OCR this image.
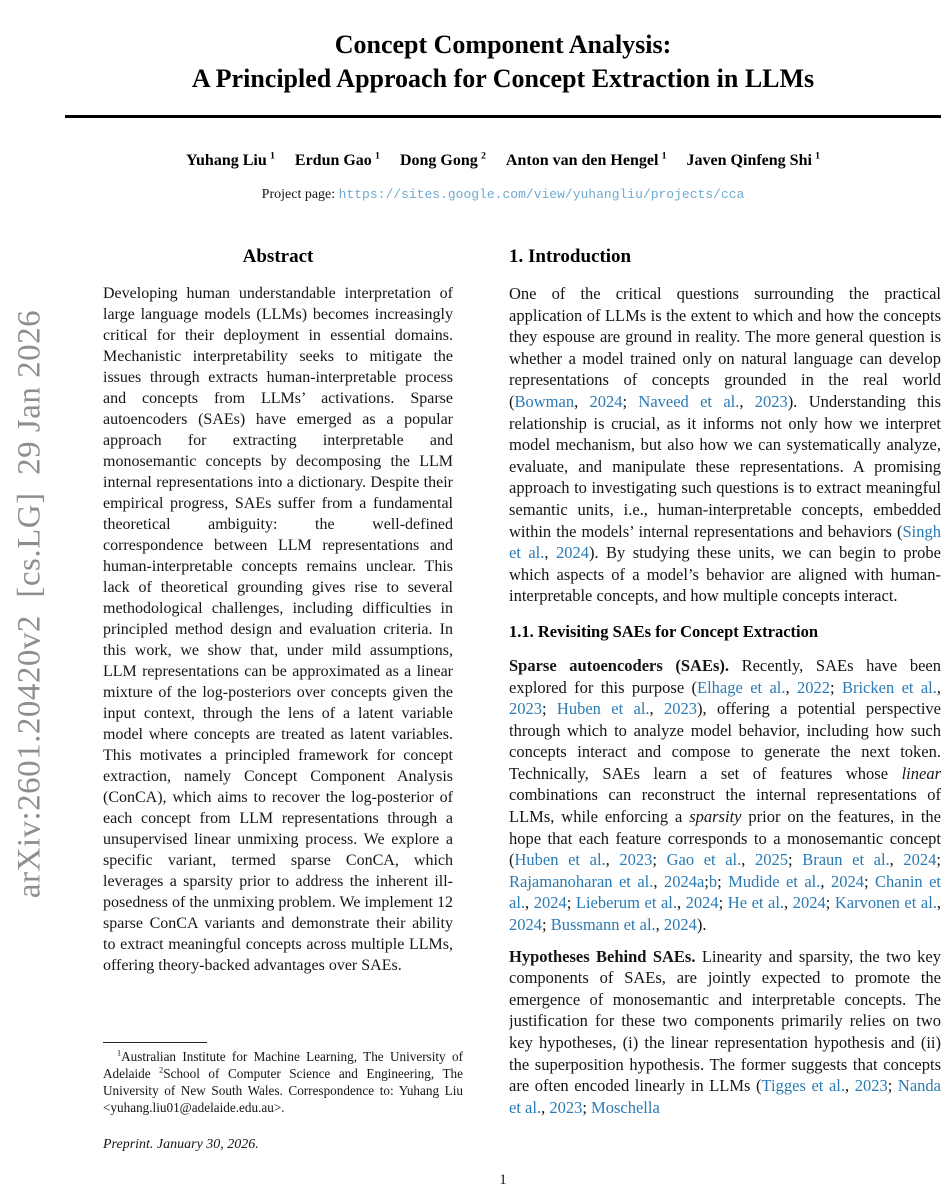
arXiv:2601.20420v2  [cs.LG]  29 Jan 2026
Concept Component Analysis:
A Principled Approach for Concept Extraction in LLMs
Yuhang Liu  $^1$ Erdun Gao  $^1$ Dong Gong  $^2$ Anton van den Hengel  $^1$ Javen Qinfeng Shi  $^1$
Project page: https://sites.google.com/view/yuhangliu/projects/cca
Abstract
Developing human understandable interpretation of large language models (LLMs) becomes increasingly critical for their deployment in essential domains. Mechanistic interpretability seeks to mitigate the issues through extracts human-interpretable process and concepts from LLMs’ activations. Sparse autoencoders (SAEs) have emerged as a popular approach for extracting interpretable and monosemantic concepts by decomposing the LLM internal representations into a dictionary. Despite their empirical progress, SAEs suffer from a fundamental theoretical ambiguity: the well-defined correspondence between LLM representations and human-interpretable concepts remains unclear. This lack of theoretical grounding gives rise to several methodological challenges, including difficulties in principled method design and evaluation criteria. In this work, we show that, under mild assumptions, LLM representations can be approximated as a linear mixture of the log-posteriors over concepts given the input context, through the lens of a latent variable model where concepts are treated as latent variables. This motivates a principled framework for concept extraction, namely Concept Component Analysis (ConCA), which aims to recover the log-posterior of each concept from LLM representations through a unsupervised linear unmixing process. We explore a specific variant, termed sparse ConCA, which leverages a sparsity prior to address the inherent ill-posedness of the unmixing problem. We implement 12 sparse ConCA variants and demonstrate their ability to extract meaningful concepts across multiple LLMs, offering theory-backed advantages over SAEs.
1. Introduction
One of the critical questions surrounding the practical application of LLMs is the extent to which and how the concepts they espouse are ground in reality. The more general question is whether a model trained only on natural language can develop representations of concepts grounded in the real world (Bowman, 2024; Naveed et al., 2023). Understanding this relationship is crucial, as it informs not only how we interpret model mechanism, but also how we can systematically analyze, evaluate, and manipulate these representations. A promising approach to investigating such questions is to extract meaningful semantic units, i.e., human-interpretable concepts, embedded within the models’ internal representations and behaviors (Singh et al., 2024). By studying these units, we can begin to probe which aspects of a model’s behavior are aligned with human-interpretable concepts, and how multiple concepts interact.
1.1. Revisiting SAEs for Concept Extraction
Sparse autoencoders (SAEs). Recently, SAEs have been explored for this purpose (Elhage et al., 2022; Bricken et al., 2023; Huben et al., 2023), offering a potential perspective through which to analyze model behavior, including how such concepts interact and compose to generate the next token. Technically, SAEs learn a set of features whose linear combinations can reconstruct the internal representations of LLMs, while enforcing a sparsity prior on the features, in the hope that each feature corresponds to a monosemantic concept (Huben et al., 2023; Gao et al., 2025; Braun et al., 2024; Rajamanoharan et al., 2024a;b; Mudide et al., 2024; Chanin et al., 2024; Lieberum et al., 2024; He et al., 2024; Karvonen et al., 2024; Bussmann et al., 2024).
Hypotheses Behind SAEs. Linearity and sparsity, the two key components of SAEs, are jointly expected to promote the emergence of monosemantic and interpretable concepts. The justification for these two components primarily relies on two key hypotheses, (i) the linear representation hypothesis and (ii) the superposition hypothesis. The former suggests that concepts are often encoded linearly in LLMs (Tigges et al., 2023; Nanda et al., 2023; Moschella
$^1$Australian Institute for Machine Learning, The University of Adelaide $^2$School of Computer Science and Engineering, The University of New South Wales. Correspondence to: Yuhang Liu <yuhang.liu01@adelaide.edu.au>.
Preprint. January 30, 2026.
1
